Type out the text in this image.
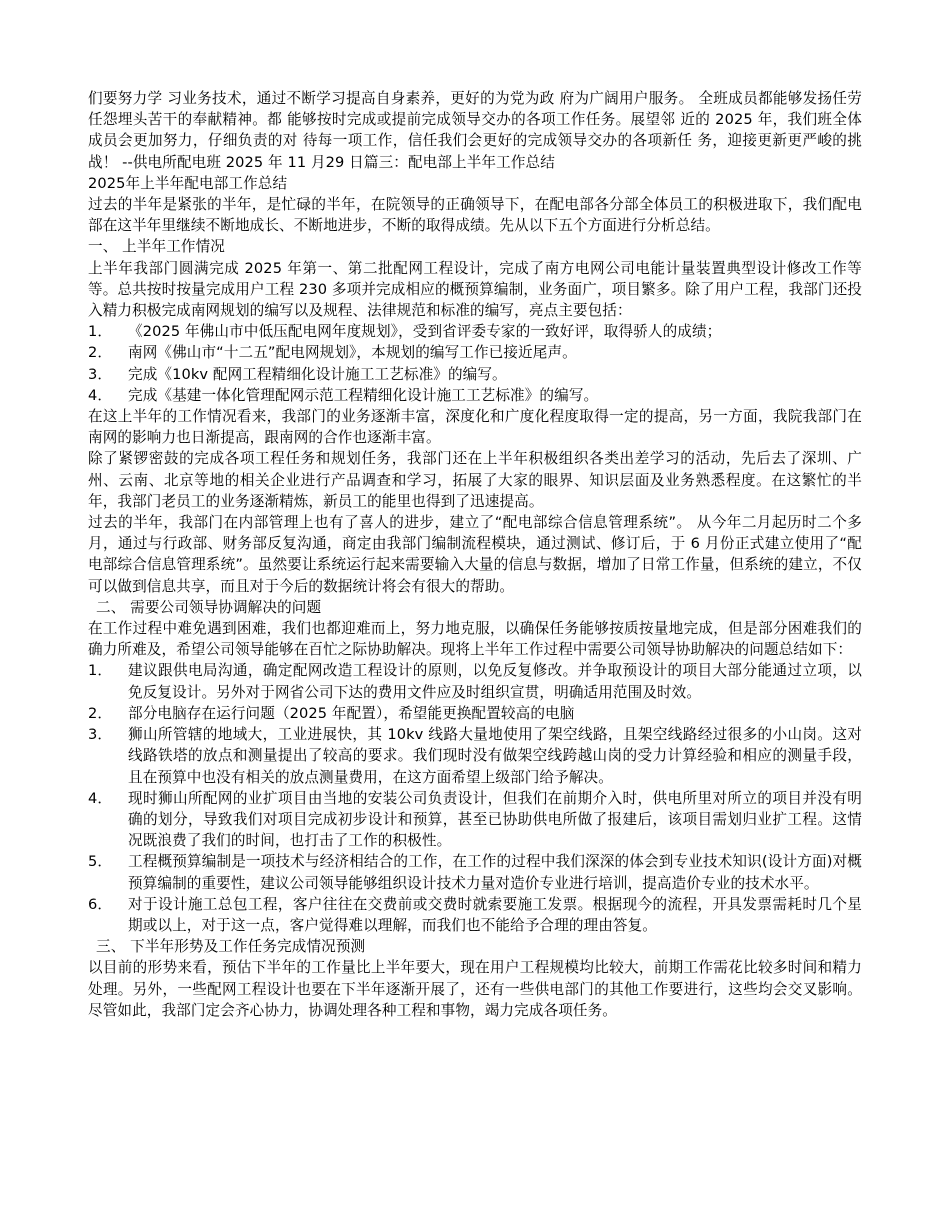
们要努力学 习业务技术，通过不断学习提高自身素养，更好的为党为政 府为广阔用户服务。 全班成员都能够发扬任劳任怨埋头苦干的奉献精神。都 能够按时完成或提前完成领导交办的各项工作任务。展望邻 近的 2025 年，我们班全体成员会更加努力，仔细负责的对 待每一项工作，信任我们会更好的完成领导交办的各项新任 务，迎接更新更严峻的挑战！ --供电所配电班 2025 年 11 月29 日篇三：配电部上半年工作总结

2025年上半年配电部工作总结

过去的半年是紧张的半年，是忙碌的半年，在院领导的正确领导下，在配电部各分部全体员工的积极进取下，我们配电部在这半年里继续不断地成长、不断地进步，不断的取得成绩。先从以下五个方面进行分析总结。

一、 上半年工作情况

上半年我部门圆满完成 2025 年第一、第二批配网工程设计，完成了南方电网公司电能计量装置典型设计修改工作等等。总共按时按量完成用户工程 230 多项并完成相应的概预算编制，业务面广，项目繁多。除了用户工程，我部门还投入精力积极完成南网规划的编写以及规程、法律规范和标准的编写，亮点主要包括：

1．	《2025 年佛山市中低压配电网年度规划》，受到省评委专家的一致好评，取得骄人的成绩；
2．	南网《佛山市“十二五”配电网规划》，本规划的编写工作已接近尾声。
3．	完成《10kv 配网工程精细化设计施工工艺标准》的编写。
4．	完成《基建一体化管理配网示范工程精细化设计施工工艺标准》的编写。

在这上半年的工作情况看来，我部门的业务逐渐丰富，深度化和广度化程度取得一定的提高，另一方面，我院我部门在南网的影响力也日渐提高，跟南网的合作也逐渐丰富。

除了紧锣密鼓的完成各项工程任务和规划任务，我部门还在上半年积极组织各类出差学习的活动，先后去了深圳、广州、云南、北京等地的相关企业进行产品调查和学习，拓展了大家的眼界、知识层面及业务熟悉程度。在这繁忙的半年，我部门老员工的业务逐渐精炼，新员工的能里也得到了迅速提高。

过去的半年，我部门在内部管理上也有了喜人的进步，建立了“配电部综合信息管理系统”。 从今年二月起历时二个多月，通过与行政部、财务部反复沟通，商定由我部门编制流程模块，通过测试、修订后，于 6 月份正式建立使用了“配电部综合信息管理系统”。虽然要让系统运行起来需要输入大量的信息与数据，增加了日常工作量，但系统的建立，不仅可以做到信息共享，而且对于今后的数据统计将会有很大的帮助。

二、 需要公司领导协调解决的问题

在工作过程中难免遇到困难，我们也都迎难而上，努力地克服，以确保任务能够按质按量地完成，但是部分困难我们的确力所难及，希望公司领导能够在百忙之际协助解决。现将上半年工作过程中需要公司领导协助解决的问题总结如下：

1．	建议跟供电局沟通，确定配网改造工程设计的原则，以免反复修改。并争取预设计的项目大部分能通过立项，以免反复设计。另外对于网省公司下达的费用文件应及时组织宣贯，明确适用范围及时效。
2．	部分电脑存在运行问题（2025 年配置），希望能更换配置较高的电脑
3．	狮山所管辖的地域大，工业进展快，其 10kv 线路大量地使用了架空线路，且架空线路经过很多的小山岗。这对线路铁塔的放点和测量提出了较高的要求。我们现时没有做架空线跨越山岗的受力计算经验和相应的测量手段，且在预算中也没有相关的放点测量费用，在这方面希望上级部门给予解决。
4．	现时狮山所配网的业扩项目由当地的安装公司负责设计，但我们在前期介入时，供电所里对所立的项目并没有明确的划分，导致我们对项目完成初步设计和预算，甚至已协助供电所做了报建后，该项目需划归业扩工程。这情况既浪费了我们的时间，也打击了工作的积极性。
5．	工程概预算编制是一项技术与经济相结合的工作，在工作的过程中我们深深的体会到专业技术知识(设计方面)对概预算编制的重要性，建议公司领导能够组织设计技术力量对造价专业进行培训，提高造价专业的技术水平。
6．	对于设计施工总包工程，客户往往在交费前或交费时就索要施工发票。根据现今的流程，开具发票需耗时几个星期或以上，对于这一点，客户觉得难以理解，而我们也不能给予合理的理由答复。

三、 下半年形势及工作任务完成情况预测

以目前的形势来看，预估下半年的工作量比上半年要大，现在用户工程规模均比较大，前期工作需花比较多时间和精力处理。另外，一些配网工程设计也要在下半年逐渐开展了，还有一些供电部门的其他工作要进行，这些均会交叉影响。尽管如此，我部门定会齐心协力，协调处理各种工程和事物，竭力完成各项任务。
